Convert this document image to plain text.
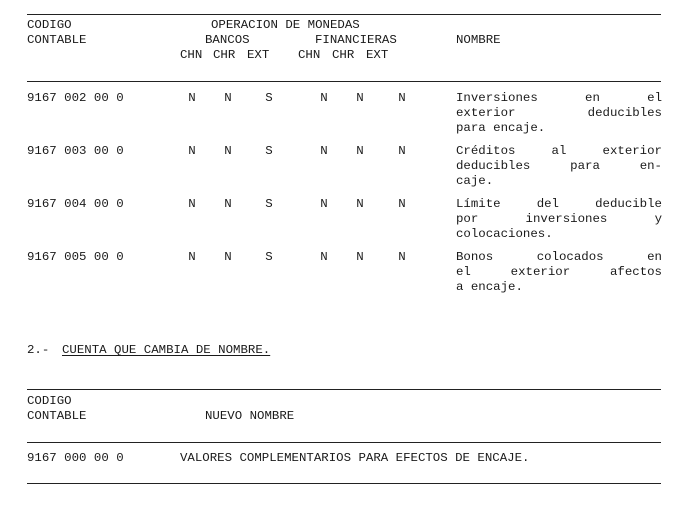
CODIGO
CONTABLE
OPERACION DE MONEDAS
BANCOS	FINANCIERAS	NOMBRE
CHN CHR EXT CHN CHR EXT
9167 002 00 0	N	N	S	N	N	N	Inversiones en el
exterior deducibles
para encaje.
9167 003 00 0	N	N	S	N	N	N	Créditos al exterior
deducibles para en-
caje.
9167 004 00 0	N	N	S	N	N	N	Límite del deducible
por inversiones y
colocaciones.
9167 005 00 0	N	N	S	N	N	N	Bonos colocados en
el exterior afectos
a encaje.
2.- CUENTA QUE CAMBIA DE NOMBRE.
CODIGO
CONTABLE	NUEVO NOMBRE
9167 000 00 0	VALORES COMPLEMENTARIOS PARA EFECTOS DE ENCAJE.
